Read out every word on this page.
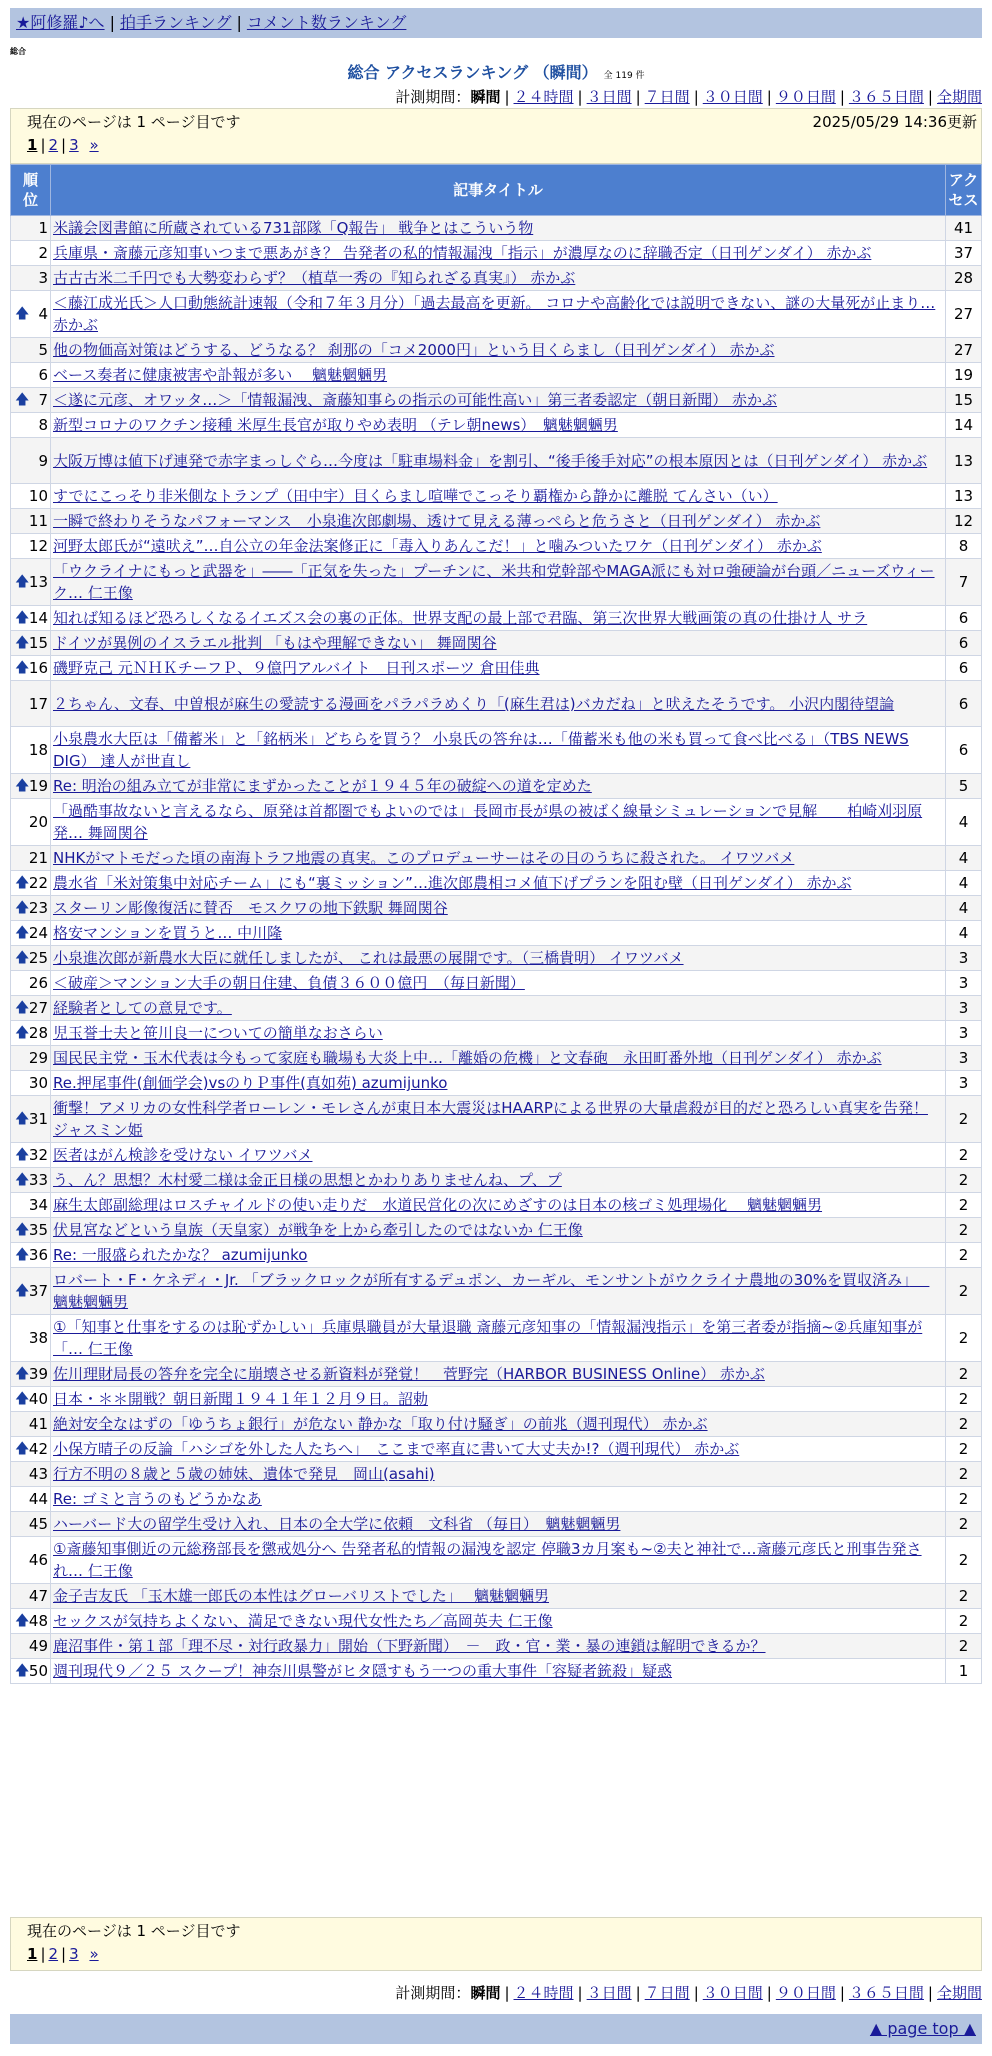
★阿修羅♪へ | 拍手ランキング | コメント数ランキング
総合
総合 アクセスランキング （瞬間） 全 119 件
計測期間：瞬間 | ２４時間 | ３日間 | ７日間 | ３０日間 | ９０日間 | ３６５日間 | 全期間
現在のページは 1 ページ目です	2025/05/29 14:36更新
1 | 2 | 3 »
順位	記事タイトル	アクセス

1	米議会図書館に所蔵されている731部隊「Q報告」 戦争とはこういう物	41
2	兵庫県・斎藤元彦知事いつまで悪あがき？ 告発者の私的情報漏洩「指示」が濃厚なのに辞職否定（日刊ゲンダイ） 赤かぶ	37
3	古古古米二千円でも大勢変わらず？（植草一秀の『知られざる真実』） 赤かぶ	28

🡅 4	＜藤江成光氏＞人口動態統計速報（令和７年３月分）「過去最高を更新。 コロナや高齢化では説明できない、謎の大量死が止まり… 赤かぶ	27
5	他の物価高対策はどうする、どうなる？ 刹那の「コメ2000円」という目くらまし（日刊ゲンダイ） 赤かぶ	27
6	ベース奏者に健康被害や訃報が多い　 魑魅魍魎男	19

🡅 7	＜遂に元彦、オワッタ…＞「情報漏洩、斎藤知事らの指示の可能性高い」第三者委認定（朝日新聞） 赤かぶ	15
8	新型コロナのワクチン接種 米厚生長官が取りやめ表明 （テレ朝news）　魑魅魍魎男	14
9	大阪万博は値下げ連発で赤字まっしぐら…今度は「駐車場料金」を割引、“後手後手対応”の根本原因とは（日刊ゲンダイ） 赤かぶ	13
10	すでにこっそり非米側なトランプ（田中宇）目くらまし喧嘩でこっそり覇権から静かに離脱 てんさい（い）	13
11	一瞬で終わりそうなパフォーマンス　小泉進次郎劇場、透けて見える薄っぺらと危うさと（日刊ゲンダイ） 赤かぶ	12
12	河野太郎氏が“遠吠え”…自公立の年金法案修正に「毒入りあんこだ！」と噛みついたワケ（日刊ゲンダイ） 赤かぶ	8

🡅 13	「ウクライナにもっと武器を」――「正気を失った」プーチンに、米共和党幹部やMAGA派にも対ロ強硬論が台頭／ニューズウィーク… 仁王像	7

🡅 14	知れば知るほど恐ろしくなるイエズス会の裏の正体。世界支配の最上部で君臨、第三次世界大戦画策の真の仕掛け人 サラ	6

🡅 15	ドイツが異例のイスラエル批判 「もはや理解できない」 舞岡関谷	6

🡅 16	磯野克己 元ＮＨＫチーフＰ、９億円アルバイト　日刊スポーツ 倉田佳典	6
17	２ちゃん、文春、中曽根が麻生の愛読する漫画をパラパラめくり「(麻生君は)バカだね」と吠えたそうです。 小沢内閣待望論	6
18	小泉農水大臣は「備蓄米」と「銘柄米」どちらを買う？ 小泉氏の答弁は…「備蓄米も他の米も買って食べ比べる」（TBS NEWS DIG） 達人が世直し	6

🡅 19	Re: 明治の組み立てが非常にまずかったことが１９４５年の破綻への道を定めた	5
20	「過酷事故ないと言えるなら、原発は首都圏でもよいのでは」長岡市長が県の被ばく線量シミュレーションで見解　　柏崎刈羽原発… 舞岡関谷	4
21	NHKがマトモだった頃の南海トラフ地震の真実。このプロデューサーはその日のうちに殺された。 イワツバメ	4

🡅 22	農水省「米対策集中対応チーム」にも“裏ミッション”…進次郎農相コメ値下げプランを阻む壁（日刊ゲンダイ） 赤かぶ	4

🡅 23	スターリン彫像復活に賛否　モスクワの地下鉄駅 舞岡関谷	4

🡅 24	格安マンションを買うと… 中川隆	4

🡅 25	小泉進次郎が新農水大臣に就任しましたが、 これは最悪の展開です。（三橋貴明） イワツバメ	3
26	＜破産＞マンション大手の朝日住建、負債３６００億円　（毎日新聞）	3

🡅 27	経験者としての意見です。	3

🡅 28	児玉誉士夫と笹川良一についての簡単なおさらい	3
29	国民民主党・玉木代表は今もって家庭も職場も大炎上中…「離婚の危機」と文春砲　永田町番外地（日刊ゲンダイ） 赤かぶ	3
30	Re.押尾事件(創価学会)vsのりＰ事件(真如苑) azumijunko	3

🡅 31	衝撃！アメリカの女性科学者ローレン・モレさんが東日本大震災はHAARPによる世界の大量虐殺が目的だと恐ろしい真実を告発！ ジャスミン姫	2

🡅 32	医者はがん検診を受けない イワツバメ	2

🡅 33	う、ん？思想？木村愛二様は金正日様の思想とかわりありませんね、プ、プ	2
34	麻生太郎副総理はロスチャイルドの使い走りだ　水道民営化の次にめざすのは日本の核ゴミ処理場化　 魑魅魍魎男	2

🡅 35	伏見宮などという皇族（天皇家）が戦争を上から牽引したのではないか 仁王像	2

🡅 36	Re: 一服盛られたかな？ azumijunko	2

🡅 37	ロバート・F・ケネディ・Jr. 「ブラックロックが所有するデュポン、カーギル、モンサントがウクライナ農地の30%を買収済み」　 魑魅魍魎男	2
38	①「知事と仕事をするのは恥ずかしい」兵庫県職員が大量退職 斎藤元彦知事の「情報漏洩指示」を第三者委が指摘~②兵庫知事が「… 仁王像	2

🡅 39	佐川理財局長の答弁を完全に崩壊させる新資料が発覚！　菅野完（HARBOR BUSINESS Online） 赤かぶ	2

🡅 40	日本・＊＊開戦？朝日新聞１９４１年１２月９日。詔勅	2
41	絶対安全なはずの「ゆうちょ銀行」が危ない 静かな「取り付け騒ぎ」の前兆（週刊現代） 赤かぶ	2

🡅 42	小保方晴子の反論「ハシゴを外した人たちへ」　ここまで率直に書いて大丈夫か!?（週刊現代） 赤かぶ	2
43	行方不明の８歳と５歳の姉妹、遺体で発見　岡山(asahi)	2
44	Re: ゴミと言うのもどうかなあ	2
45	ハーバード大の留学生受け入れ、日本の全大学に依頼　文科省 （毎日）　魑魅魍魎男	2
46	①斎藤知事側近の元総務部長を懲戒処分へ 告発者私的情報の漏洩を認定 停職3カ月案も~②夫と神社で…斎藤元彦氏と刑事告発され… 仁王像	2
47	金子吉友氏 「玉木雄一郎氏の本性はグローバリストでした」　 魑魅魍魎男	2

🡅 48	セックスが気持ちよくない、満足できない現代女性たち／高岡英夫 仁王像	2
49	鹿沼事件・第１部「理不尽・対行政暴力」開始（下野新聞）　－　政・官・業・暴の連鎖は解明できるか？	2

🡅 50	週刊現代９／２５ スクープ！神奈川県警がヒタ隠すもう一つの重大事件「容疑者銃殺」疑惑	1
現在のページは 1 ページ目です
1 | 2 | 3 »
計測期間：瞬間 | ２４時間 | ３日間 | ７日間 | ３０日間 | ９０日間 | ３６５日間 | 全期間
▲ page top ▲
